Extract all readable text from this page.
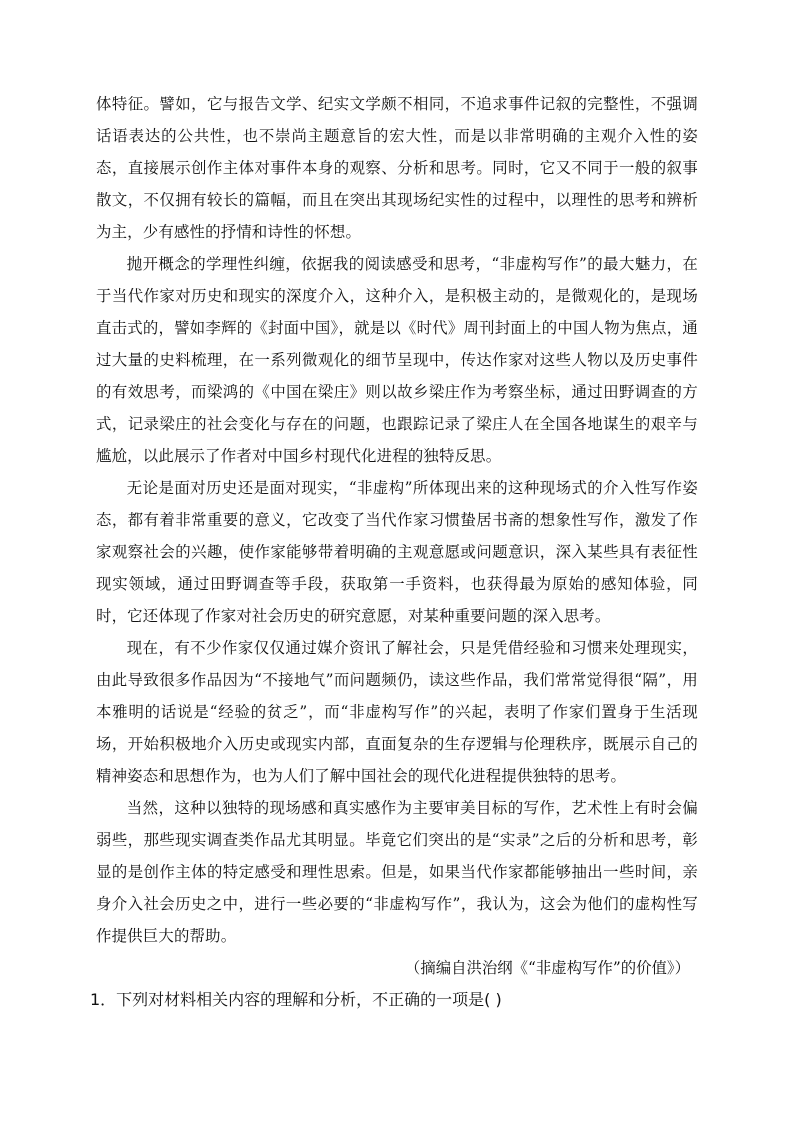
体特征。譬如，它与报告文学、纪实文学颇不相同，不追求事件记叙的完整性，不强调话语表达的公共性，也不崇尚主题意旨的宏大性，而是以非常明确的主观介入性的姿态，直接展示创作主体对事件本身的观察、分析和思考。同时，它又不同于一般的叙事散文，不仅拥有较长的篇幅，而且在突出其现场纪实性的过程中，以理性的思考和辨析为主，少有感性的抒情和诗性的怀想。

抛开概念的学理性纠缠，依据我的阅读感受和思考，“非虚构写作”的最大魅力，在于当代作家对历史和现实的深度介入，这种介入，是积极主动的，是微观化的，是现场直击式的，譬如李辉的《封面中国》，就是以《时代》周刊封面上的中国人物为焦点，通过大量的史料梳理，在一系列微观化的细节呈现中，传达作家对这些人物以及历史事件的有效思考，而梁鸿的《中国在梁庄》则以故乡梁庄作为考察坐标，通过田野调查的方式，记录梁庄的社会变化与存在的问题，也跟踪记录了梁庄人在全国各地谋生的艰辛与尴尬，以此展示了作者对中国乡村现代化进程的独特反思。

无论是面对历史还是面对现实，“非虚构”所体现出来的这种现场式的介入性写作姿态，都有着非常重要的意义，它改变了当代作家习惯蛰居书斋的想象性写作，激发了作家观察社会的兴趣，使作家能够带着明确的主观意愿或问题意识，深入某些具有表征性现实领域，通过田野调查等手段，获取第一手资料，也获得最为原始的感知体验，同时，它还体现了作家对社会历史的研究意愿，对某种重要问题的深入思考。

现在，有不少作家仅仅通过媒介资讯了解社会，只是凭借经验和习惯来处理现实，由此导致很多作品因为“不接地气”而问题频仍，读这些作品，我们常常觉得很“隔”，用本雅明的话说是“经验的贫乏”，而“非虚构写作”的兴起，表明了作家们置身于生活现场，开始积极地介入历史或现实内部，直面复杂的生存逻辑与伦理秩序，既展示自己的精神姿态和思想作为，也为人们了解中国社会的现代化进程提供独特的思考。

当然，这种以独特的现场感和真实感作为主要审美目标的写作，艺术性上有时会偏弱些，那些现实调查类作品尤其明显。毕竟它们突出的是“实录”之后的分析和思考，彰显的是创作主体的特定感受和理性思索。但是，如果当代作家都能够抽出一些时间，亲身介入社会历史之中，进行一些必要的“非虚构写作”，我认为，这会为他们的虚构性写作提供巨大的帮助。

（摘编自洪治纲《“非虚构写作”的价值》）

1．下列对材料相关内容的理解和分析，不正确的一项是( )
